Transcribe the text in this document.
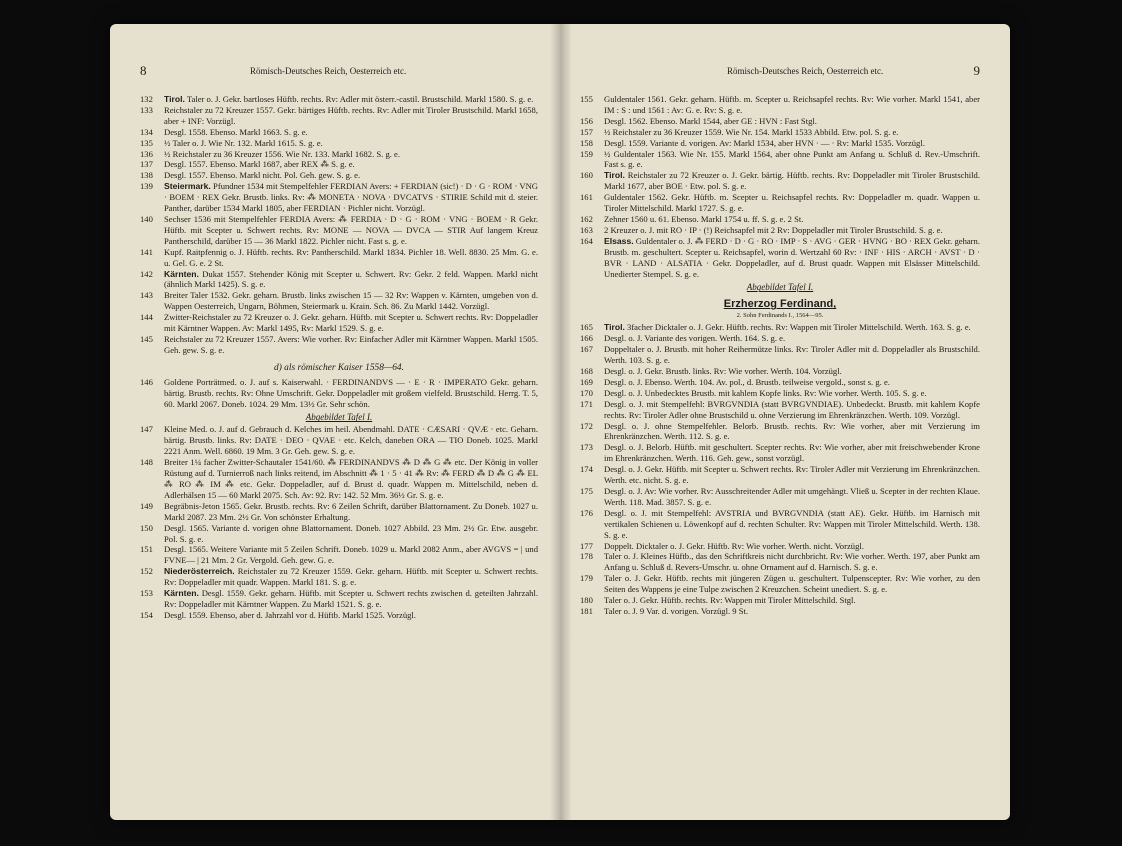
8	Römisch-Deutsches Reich, Oesterreich etc.
132 Tirol. Taler o. J. Gekr. bartloses Hüftb. rechts. Rv: Adler mit österr.-castil. Brustschild. Markl 1580. S. g. e.
133 Reichstaler zu 72 Kreuzer 1557. Gekr. bärtiges Hüftb. rechts. Rv: Adler mit Tiroler Brustschild. Markl 1658, aber + INF: Vorzügl.
134 Desgl. 1558. Ebenso. Markl 1663. S. g. e.
135 ½ Taler o. J. Wie Nr. 132. Markl 1615. S. g. e.
136 ½ Reichstaler zu 36 Kreuzer 1556. Wie Nr. 133. Markl 1682. S. g. e.
137 Desgl. 1557. Ebenso. Markl 1687, aber REX ⁂ S. g. e.
138 Desgl. 1557. Ebenso. Markl nicht. Pol. Geh. gew. S. g. e.
139 Steiermark. Pfundner 1534 mit Stempelfehler FERDIAN Avers: + FERDIAN (sic!) · D · G · ROM · VNG · BOEM · REX Gekr. Brustb. links. Rv: ⁂ MONETA · NOVA · DVCATVS · STIRIE Schild mit d. steier. Panther, darüber 1534 Markl 1805, aber FERDIAN · Pichler nicht. Vorzügl.
140 Sechser 1536 mit Stempelfehler FERDIA Avers: ⁂ FERDIA · D · G · ROM · VNG · BOEM · R Gekr. Hüftb. mit Scepter u. Schwert rechts. Rv: MONE — NOVA — DVCA — STIR Auf langem Kreuz Pantherschild, darüber 15 — 36 Markl 1822. Pichler nicht. Fast s. g. e.
141 Kupf. Raitpfennig o. J. Hüftb. rechts. Rv: Pantherschild. Markl 1834. Pichler 18. Well. 8830. 25 Mm. G. e. u. Gel. G. e. 2 St.
142 Kärnten. Dukat 1557. Stehender König mit Scepter u. Schwert. Rv: Gekr. 2 feld. Wappen. Markl nicht (ähnlich Markl 1425). S. g. e.
143 Breiter Taler 1532. Gekr. geharn. Brustb. links zwischen 15 — 32 Rv: Wappen v. Kärnten, umgeben von d. Wappen Oesterreich, Ungarn, Böhmen, Steiermark u. Krain. Sch. 86. Zu Markl 1442. Vorzügl.
144 Zwitter-Reichstaler zu 72 Kreuzer o. J. Gekr. geharn. Hüftb. mit Scepter u. Schwert rechts. Rv: Doppeladler mit Kärntner Wappen. Av: Markl 1495, Rv: Markl 1529. S. g. e.
145 Reichstaler zu 72 Kreuzer 1557. Avers: Wie vorher. Rv: Einfacher Adler mit Kärntner Wappen. Markl 1505. Geh. gew. S. g. e.
d) als römischer Kaiser 1558—64.
146 Goldene Porträtmed. o. J. auf s. Kaiserwahl. · FERDINANDVS — · E · R · IMPERATO Gekr. geharn. bärtig. Brustb. rechts. Rv: Ohne Umschrift. Gekr. Doppeladler mit großem vielfeld. Brustschild. Herrg. T. 5, 60. Markl 2067. Doneb. 1024. 29 Mm. 13½ Gr. Sehr schön.
Abgebildet Tafel I.
147 Kleine Med. o. J. auf d. Gebrauch d. Kelches im heil. Abendmahl. DATE · CÆSARI · QVÆ · etc. Geharn. bärtig. Brustb. links. Rv: DATE · DEO · QVAE · etc. Kelch, daneben ORA — TIO Doneb. 1025. Markl 2221 Anm. Well. 6860. 19 Mm. 3 Gr. Geh. gew. S. g. e.
148 Breiter 1¼ facher Zwitter-Schautaler 1541/60. ⁂ FERDINANDVS ⁂ D ⁂ G ⁂ etc. Der König in voller Rüstung auf d. Turnierroß nach links reitend, im Abschnitt ⁂ 1 · 5 · 41 ⁂ Rv: ⁂ FERD ⁂ D ⁂ G ⁂ EL ⁂ RO ⁂ IM ⁂ etc. Gekr. Doppeladler, auf d. Brust d. quadr. Wappen m. Mittelschild, neben d. Adlerhälsen 15 — 60 Markl 2075. Sch. Av: 92. Rv: 142. 52 Mm. 36½ Gr. S. g. e.
149 Begräbnis-Jeton 1565. Gekr. Brustb. rechts. Rv: 6 Zeilen Schrift, darüber Blattornament. Zu Doneb. 1027 u. Markl 2087. 23 Mm. 2½ Gr. Von schönster Erhaltung.
150 Desgl. 1565. Variante d. vorigen ohne Blattornament. Doneb. 1027 Abbild. 23 Mm. 2½ Gr. Etw. ausgebr. Pol. S. g. e.
151 Desgl. 1565. Weitere Variante mit 5 Zeilen Schrift. Doneb. 1029 u. Markl 2082 Anm., aber AVGVS = | und FVNE— | 21 Mm. 2 Gr. Vergold. Geh. gew. G. e.
152 Niederösterreich. Reichstaler zu 72 Kreuzer 1559. Gekr. geharn. Hüftb. mit Scepter u. Schwert rechts. Rv: Doppeladler mit quadr. Wappen. Markl 181. S. g. e.
153 Kärnten. Desgl. 1559. Gekr. geharn. Hüftb. mit Scepter u. Schwert rechts zwischen d. geteilten Jahrzahl. Rv: Doppeladler mit Kärntner Wappen. Zu Markl 1521. S. g. e.
154 Desgl. 1559. Ebenso, aber d. Jahrzahl vor d. Hüftb. Markl 1525. Vorzügl.
Römisch-Deutsches Reich, Oesterreich etc.	9
155 Guldentaler 1561. Gekr. geharn. Hüftb. m. Scepter u. Reichsapfel rechts. Rv: Wie vorher. Markl 1541, aber IM : S : und 1561 : Av: G. e. Rv: S. g. e.
156 Desgl. 1562. Ebenso. Markl 1544, aber GE : HVN : Fast Stgl.
157 ½ Reichstaler zu 36 Kreuzer 1559. Wie Nr. 154. Markl 1533 Abbild. Etw. pol. S. g. e.
158 Desgl. 1559. Variante d. vorigen. Av: Markl 1534, aber HVN · — · Rv: Markl 1535. Vorzügl.
159 ½ Guldentaler 1563. Wie Nr. 155. Markl 1564, aber ohne Punkt am Anfang u. Schluß d. Rev.-Umschrift. Fast s. g. e.
160 Tirol. Reichstaler zu 72 Kreuzer o. J. Gekr. bärtig. Hüftb. rechts. Rv: Doppeladler mit Tiroler Brustschild. Markl 1677, aber BOE · Etw. pol. S. g. e.
161 Guldentaler 1562. Gekr. Hüftb. m. Scepter u. Reichsapfel rechts. Rv: Doppeladler m. quadr. Wappen u. Tiroler Mittelschild. Markl 1727. S. g. e.
162 Zehner 1560 u. 61. Ebenso. Markl 1754 u. ff. S. g. e. 2 St.
163 2 Kreuzer o. J. mit RO · IP · (!) Reichsapfel mit 2 Rv: Doppeladler mit Tiroler Brustschild. S. g. e.
164 Elsass. Guldentaler o. J. ⁂ FERD · D · G · RO · IMP · S · AVG · GER · HVNG · BO · REX Gekr. geharn. Brustb. m. geschultert. Scepter u. Reichsapfel, worin d. Wertzahl 60 Rv: · INF · HIS · ARCH · AVST · D · BVR · LAND · ALSATIA · Gekr. Doppeladler, auf d. Brust quadr. Wappen mit Elsässer Mittelschild. Unedierter Stempel. S. g. e.
Abgebildet Tafel I.
Erzherzog Ferdinand,
2. Sohn Ferdinands I., 1564—95.
165 Tirol. 3facher Dicktaler o. J. Gekr. Hüftb. rechts. Rv: Wappen mit Tiroler Mittelschild. Werth. 163. S. g. e.
166 Desgl. o. J. Variante des vorigen. Werth. 164. S. g. e.
167 Doppeltaler o. J. Brustb. mit hoher Reihermütze links. Rv: Tiroler Adler mit d. Doppeladler als Brustschild. Werth. 103. S. g. e.
168 Desgl. o. J. Gekr. Brustb. links. Rv: Wie vorher. Werth. 104. Vorzügl.
169 Desgl. o. J. Ebenso. Werth. 104. Av. pol., d. Brustb. teilweise vergold., sonst s. g. e.
170 Desgl. o. J. Unbedecktes Brustb. mit kahlem Kopfe links. Rv: Wie vorher. Werth. 105. S. g. e.
171 Desgl. o. J. mit Stempelfehl: BVRGVNDIA (statt BVRGVNDIAE). Unbedeckt. Brustb. mit kahlem Kopfe rechts. Rv: Tiroler Adler ohne Brustschild u. ohne Verzierung im Ehrenkränzchen. Werth. 109. Vorzügl.
172 Desgl. o. J. ohne Stempelfehler. Belorb. Brustb. rechts. Rv: Wie vorher, aber mit Verzierung im Ehrenkränzchen. Werth. 112. S. g. e.
173 Desgl. o. J. Belorb. Hüftb. mit geschultert. Scepter rechts. Rv: Wie vorher, aber mit freischwebender Krone im Ehrenkränzchen. Werth. 116. Geh. gew., sonst vorzügl.
174 Desgl. o. J. Gekr. Hüftb. mit Scepter u. Schwert rechts. Rv: Tiroler Adler mit Verzierung im Ehrenkränzchen. Werth. etc. nicht. S. g. e.
175 Desgl. o. J. Av: Wie vorher. Rv: Ausschreitender Adler mit umgehängt. Vließ u. Scepter in der rechten Klaue. Werth. 118. Mad. 3857. S. g. e.
176 Desgl. o. J. mit Stempelfehl: AVSTRIA und BVRGVNDIA (statt AE). Gekr. Hüftb. im Harnisch mit vertikalen Schienen u. Löwenkopf auf d. rechten Schulter. Rv: Wappen mit Tiroler Mittelschild. Werth. 138. S. g. e.
177 Doppelt. Dicktaler o. J. Gekr. Hüftb. Rv: Wie vorher. Werth. nicht. Vorzügl.
178 Taler o. J. Kleines Hüftb., das den Schriftkreis nicht durchbricht. Rv: Wie vorher. Werth. 197, aber Punkt am Anfang u. Schluß d. Revers-Umschr. u. ohne Ornament auf d. Harnisch. S. g. e.
179 Taler o. J. Gekr. Hüftb. rechts mit jüngeren Zügen u. geschultert. Tulpenscepter. Rv: Wie vorher, zu den Seiten des Wappens je eine Tulpe zwischen 2 Kreuzchen. Scheint unediert. S. g. e.
180 Taler o. J. Gekr. Hüftb. rechts. Rv: Wappen mit Tiroler Mittelschild. Stgl.
181 Taler o. J. 9 Var. d. vorigen. Vorzügl. 9 St.
